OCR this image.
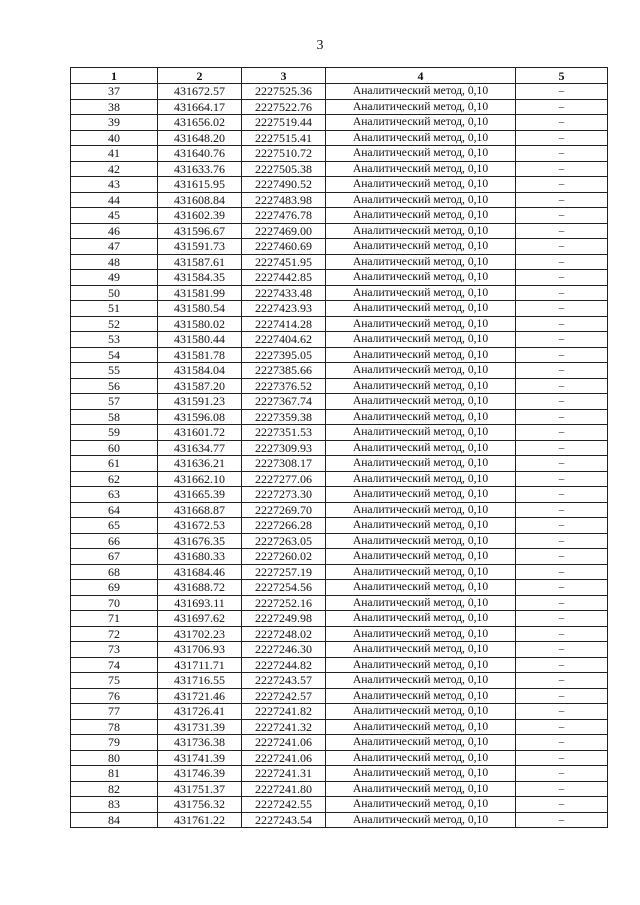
3
1	2	3	4	5
37	431672.57	2227525.36	Аналитический метод, 0,10	–
38	431664.17	2227522.76	Аналитический метод, 0,10	–
39	431656.02	2227519.44	Аналитический метод, 0,10	–
40	431648.20	2227515.41	Аналитический метод, 0,10	–
41	431640.76	2227510.72	Аналитический метод, 0,10	–
42	431633.76	2227505.38	Аналитический метод, 0,10	–
43	431615.95	2227490.52	Аналитический метод, 0,10	–
44	431608.84	2227483.98	Аналитический метод, 0,10	–
45	431602.39	2227476.78	Аналитический метод, 0,10	–
46	431596.67	2227469.00	Аналитический метод, 0,10	–
47	431591.73	2227460.69	Аналитический метод, 0,10	–
48	431587.61	2227451.95	Аналитический метод, 0,10	–
49	431584.35	2227442.85	Аналитический метод, 0,10	–
50	431581.99	2227433.48	Аналитический метод, 0,10	–
51	431580.54	2227423.93	Аналитический метод, 0,10	–
52	431580.02	2227414.28	Аналитический метод, 0,10	–
53	431580.44	2227404.62	Аналитический метод, 0,10	–
54	431581.78	2227395.05	Аналитический метод, 0,10	–
55	431584.04	2227385.66	Аналитический метод, 0,10	–
56	431587.20	2227376.52	Аналитический метод, 0,10	–
57	431591.23	2227367.74	Аналитический метод, 0,10	–
58	431596.08	2227359.38	Аналитический метод, 0,10	–
59	431601.72	2227351.53	Аналитический метод, 0,10	–
60	431634.77	2227309.93	Аналитический метод, 0,10	–
61	431636.21	2227308.17	Аналитический метод, 0,10	–
62	431662.10	2227277.06	Аналитический метод, 0,10	–
63	431665.39	2227273.30	Аналитический метод, 0,10	–
64	431668.87	2227269.70	Аналитический метод, 0,10	–
65	431672.53	2227266.28	Аналитический метод, 0,10	–
66	431676.35	2227263.05	Аналитический метод, 0,10	–
67	431680.33	2227260.02	Аналитический метод, 0,10	–
68	431684.46	2227257.19	Аналитический метод, 0,10	–
69	431688.72	2227254.56	Аналитический метод, 0,10	–
70	431693.11	2227252.16	Аналитический метод, 0,10	–
71	431697.62	2227249.98	Аналитический метод, 0,10	–
72	431702.23	2227248.02	Аналитический метод, 0,10	–
73	431706.93	2227246.30	Аналитический метод, 0,10	–
74	431711.71	2227244.82	Аналитический метод, 0,10	–
75	431716.55	2227243.57	Аналитический метод, 0,10	–
76	431721.46	2227242.57	Аналитический метод, 0,10	–
77	431726.41	2227241.82	Аналитический метод, 0,10	–
78	431731.39	2227241.32	Аналитический метод, 0,10	–
79	431736.38	2227241.06	Аналитический метод, 0,10	–
80	431741.39	2227241.06	Аналитический метод, 0,10	–
81	431746.39	2227241.31	Аналитический метод, 0,10	–
82	431751.37	2227241.80	Аналитический метод, 0,10	–
83	431756.32	2227242.55	Аналитический метод, 0,10	–
84	431761.22	2227243.54	Аналитический метод, 0,10	–
